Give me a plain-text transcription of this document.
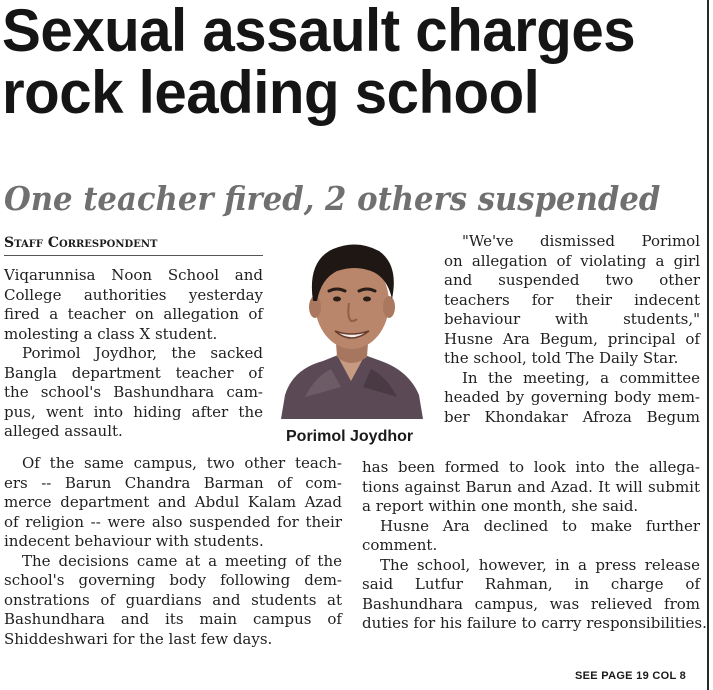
Sexual assault charges
rock leading school
One teacher fired, 2 others suspended

Staff Correspondent

Viqarunnisa Noon School and
College authorities yesterday
fired a teacher on allegation of
molesting a class X student.
Porimol Joydhor, the sacked
Bangla department teacher of
the school's Bashundhara cam-
pus, went into hiding after the
alleged assault.	Porimol Joydhor

Of the same campus, two other teach-
ers -- Barun Chandra Barman of com-
merce department and Abdul Kalam Azad
of religion -- were also suspended for their
indecent behaviour with students.
The decisions came at a meeting of the
school's governing body following dem-
onstrations of guardians and students at
Bashundhara and its main campus of
Shiddeshwari for the last few days.
"We've dismissed Porimol
on allegation of violating a girl
and suspended two other
teachers for their indecent
behaviour with students,"
Husne Ara Begum, principal of
the school, told The Daily Star.
In the meeting, a committee
headed by governing body mem-
ber Khondakar Afroza Begum
has been formed to look into the allega-
tions against Barun and Azad. It will submit
a report within one month, she said.
Husne Ara declined to make further
comment.
The school, however, in a press release
said Lutfur Rahman, in charge of
Bashundhara campus, was relieved from
duties for his failure to carry responsibilities.

SEE PAGE 19 COL 8
